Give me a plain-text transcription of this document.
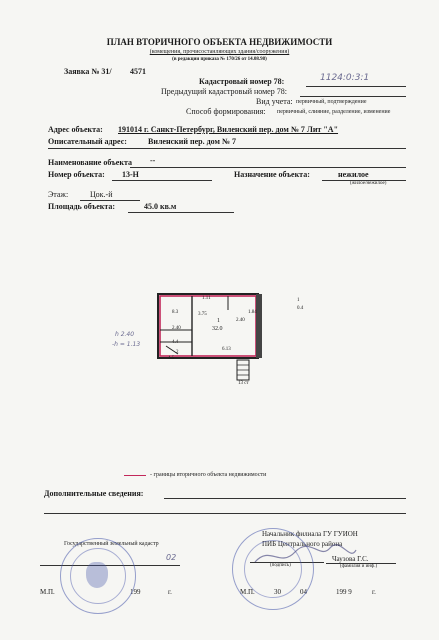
ПЛАН ВТОРИЧНОГО ОБЪЕКТА НЕДВИЖИМОСТИ
(комещения, прочисостанляющих здания/сооружения)
(в редакции приказа № 170/26 от 14.08.98)
Заявка № 31/ 4571
Кадастровый номер 78:	1124:0:3:1
Предыдущий кадастровый номер 78:
Вид учета: первичный, подтверждение
Способ формирования: первичный, слияние, разделение, изменение
Адрес объекта: 191014 г. Санкт-Петербург, Виленский пер. дом № 7 Лит "А"
Описательный адрес:	Виленский пер. дом № 7
Наименование объекта --
Номер объекта: 13-Н	Назначение объекта:	нежилое
(жилое/нежилое)
Этаж:	Цок.-й
Площадь объекта:	45.0 кв.м
1.11
2.40
8.3
1
32.0
6.13
4.4
2
4.5
1.84
3.75
2.40
13 ст
1
0.4
h 2.40
-h = 1.13
- границы вторичного объекта недвижимости
Дополнительные сведения:
Государственный земельный кадастр
02
М.П.	199	г.
Начальник филиала ГУ ГУИОН
ПИБ Центрального района
(подпись)
Чаузова Г.С.
(фамилия и инф.)
М.П.	30	04	199 9	г.
